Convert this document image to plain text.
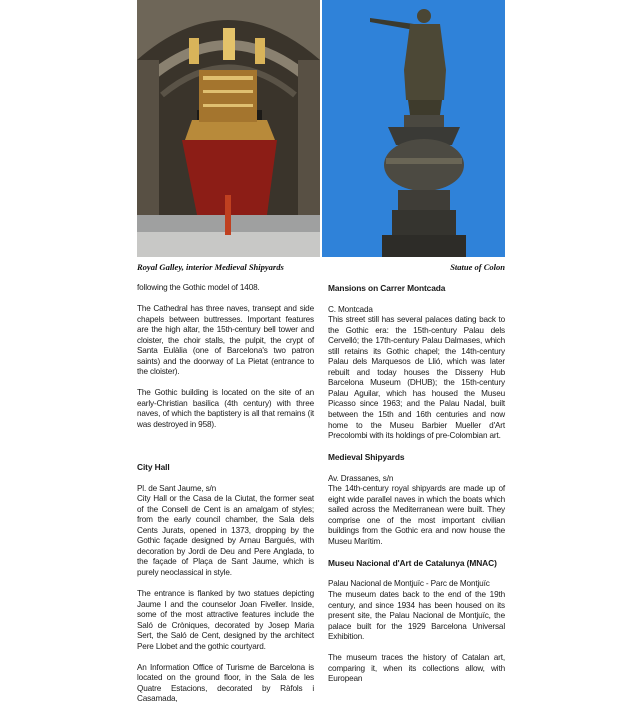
Royal Galley, interior Medieval Shipyards	Statue of Colon

following the Gothic model of 1408.

The Cathedral has three naves, transept and side chapels between buttresses. Important features are the high altar, the 15th-century bell tower and cloister, the choir stalls, the pulpit, the crypt of Santa Eulàlia (one of Barcelona's two patron saints) and the doorway of La Pietat (entrance to the cloister).

The Gothic building is located on the site of an early-Christian basilica (4th century) with three naves, of which the baptistery is all that remains (it was destroyed in 958).

City Hall

Pl. de Sant Jaume, s/n

City Hall or the Casa de la Ciutat, the former seat of the Consell de Cent is an amalgam of styles; from the early council chamber, the Sala dels Cents Jurats, opened in 1373, dropping by the Gothic façade designed by Arnau Bargués, with decoration by Jordi de Deu and Pere Anglada, to the façade of Plaça de Sant Jaume, which is purely neoclassical in style.

The entrance is flanked by two statues depicting Jaume I and the counselor Joan Fiveller. Inside, some of the most attractive features include the Saló de Cròniques, decorated by Josep Maria Sert, the Saló de Cent, designed by the architect Pere Llobet and the gothic courtyard.

An Information Office of Turisme de Barcelona is located on the ground floor, in the Sala de les Quatre Estacions, decorated by Ràfols i Casamada,

Mansions on Carrer Montcada

C. Montcada

This street still has several palaces dating back to the Gothic era: the 15th-century Palau dels Cervelló; the 17th-century Palau Dalmases, which still retains its Gothic chapel; the 14th-century Palau dels Marquesos de Llió, which was later rebuilt and today houses the Disseny Hub Barcelona Museum (DHUB); the 15th-century Palau Aguilar, which has housed the Museu Picasso since 1963; and the Palau Nadal, built between the 15th and 16th centuries and now home to the Museu Barbier Mueller d'Art Precolombi with its holdings of pre-Colombian art.

Medieval Shipyards

Av. Drassanes, s/n

The 14th-century royal shipyards are made up of eight wide parallel naves in which the boats which sailed across the Mediterranean were built. They comprise one of the most important civilian buildings from the Gothic era and now house the Museu Marítim.

Museu Nacional d'Art de Catalunya (MNAC)

Palau Nacional de Montjuïc - Parc de Montjuïc

The museum dates back to the end of the 19th century, and since 1934 has been housed on its present site, the Palau Nacional de Montjuïc, the palace built for the 1929 Barcelona Universal Exhibition.

The museum traces the history of Catalan art, comparing it, when its collections allow, with European
